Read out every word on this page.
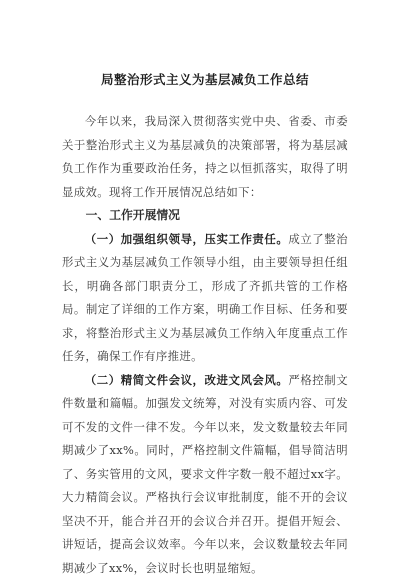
局整治形式主义为基层减负工作总结

今年以来，我局深入贯彻落实党中央、省委、市委关于整治形式主义为基层减负的决策部署，将为基层减负工作作为重要政治任务，持之以恒抓落实，取得了明显成效。现将工作开展情况总结如下：

一、工作开展情况

（一）加强组织领导，压实工作责任。成立了整治形式主义为基层减负工作领导小组，由主要领导担任组长，明确各部门职责分工，形成了齐抓共管的工作格局。制定了详细的工作方案，明确工作目标、任务和要求，将整治形式主义为基层减负工作纳入年度重点工作任务，确保工作有序推进。

（二）精简文件会议，改进文风会风。严格控制文件数量和篇幅。加强发文统筹，对没有实质内容、可发可不发的文件一律不发。今年以来，发文数量较去年同期减少了xx%。同时，严格控制文件篇幅，倡导简洁明了、务实管用的文风，要求文件字数一般不超过xx字。大力精简会议。严格执行会议审批制度，能不开的会议坚决不开，能合并召开的会议合并召开。提倡开短会、讲短话，提高会议效率。今年以来，会议数量较去年同期减少了xx%，会议时长也明显缩短。
